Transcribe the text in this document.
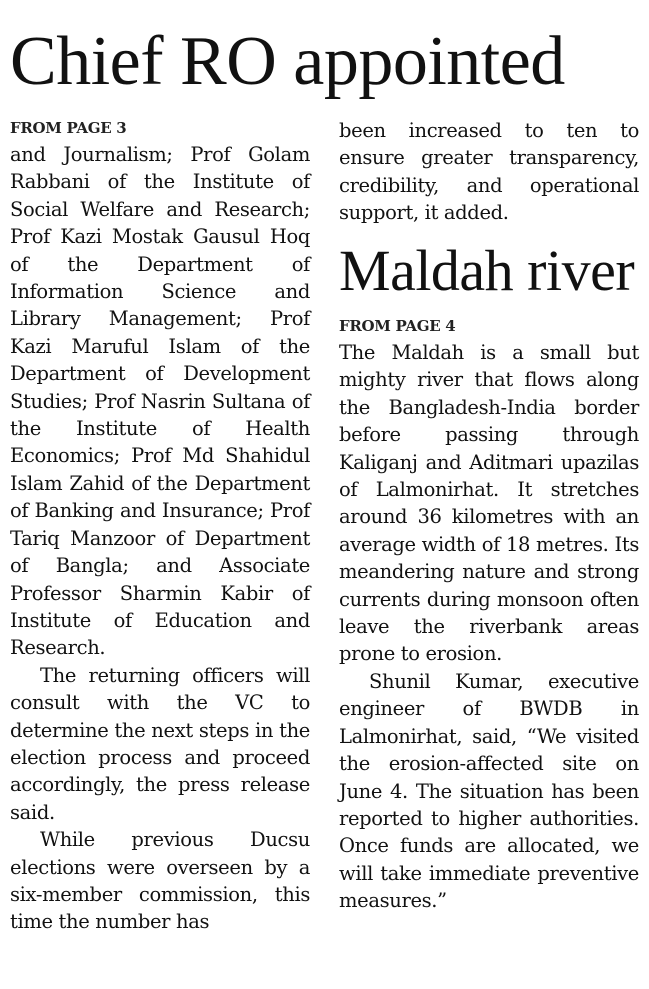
Chief RO appointed
FROM PAGE 3

and Journalism; Prof Golam Rabbani of the Institute of Social Welfare and Research; Prof Kazi Mostak Gausul Hoq of the Department of Information Science and Library Management; Prof Kazi Maruful Islam of the Department of Development Studies; Prof Nasrin Sultana of the Institute of Health Economics; Prof Md Shahidul Islam Zahid of the Department of Banking and Insurance; Prof Tariq Manzoor of Department of Bangla; and Associate Professor Sharmin Kabir of Institute of Education and Research.

The returning officers will consult with the VC to determine the next steps in the election process and proceed accordingly, the press release said.

While previous Ducsu elections were overseen by a six-member commission, this time the number has

been increased to ten to ensure greater transparency, credibility, and operational support, it added.

Maldah river
FROM PAGE 4

The Maldah is a small but mighty river that flows along the Bangladesh-India border before passing through Kaliganj and Aditmari upazilas of Lalmonirhat. It stretches around 36 kilometres with an average width of 18 metres. Its meandering nature and strong currents during monsoon often leave the riverbank areas prone to erosion.

Shunil Kumar, executive engineer of BWDB in Lalmonirhat, said, “We visited the erosion-affected site on June 4. The situation has been reported to higher authorities. Once funds are allocated, we will take immediate preventive measures.”
